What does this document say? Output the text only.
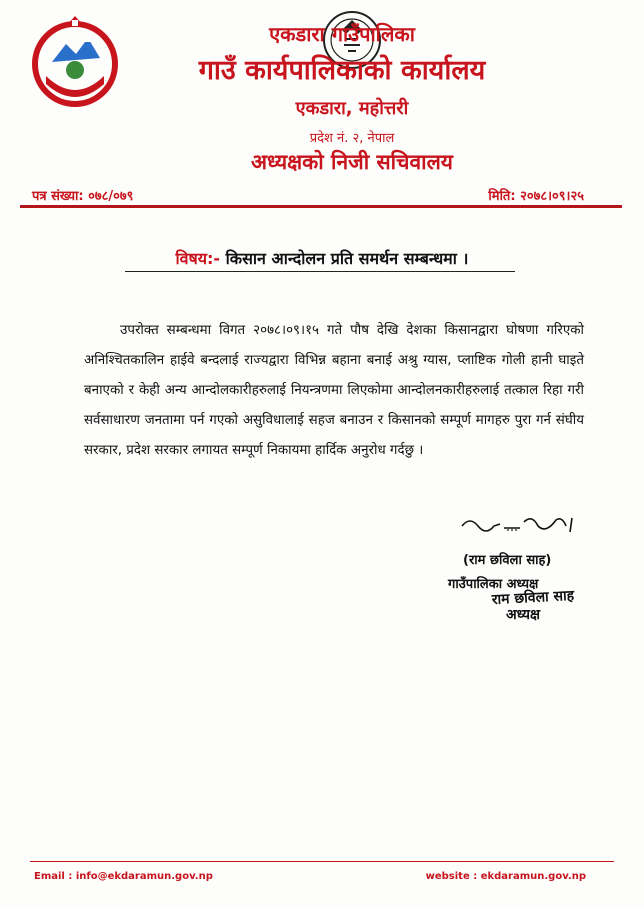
एकडारा गाउँपालिका
गाउँ कार्यपालिकाको कार्यालय
एकडारा, महोत्तरी
प्रदेश नं. २, नेपाल
अध्यक्षको निजी सचिवालय
पत्र संख्या: ०७८/०७९	मिति: २०७८।०९।२५
विषय:- किसान आन्दोलन प्रति समर्थन सम्बन्धमा ।
उपरोक्त सम्बन्धमा विगत २०७८।०९।१५ गते पौष देखि देशका किसानद्वारा घोषणा गरिएको अनिश्चितकालिन हाईवे बन्दलाई राज्यद्वारा विभिन्न बहाना बनाई अश्रु ग्यास, प्लाष्टिक गोली हानी घाइते बनाएको र केही अन्य आन्दोलकारीहरुलाई नियन्त्रणमा लिएकोमा आन्दोलनकारीहरुलाई तत्काल रिहा गरी सर्वसाधारण जनतामा पर्न गएको असुविधालाई सहज बनाउन र किसानको सम्पूर्ण मागहरु पुरा गर्न संघीय सरकार, प्रदेश सरकार लगायत सम्पूर्ण निकायमा हार्दिक अनुरोध गर्दछु ।
(राम छविला साह)
गाउँपालिका अध्यक्ष
राम छविला साह
अध्यक्ष
Email : info@ekdaramun.gov.np	website : ekdaramun.gov.np
